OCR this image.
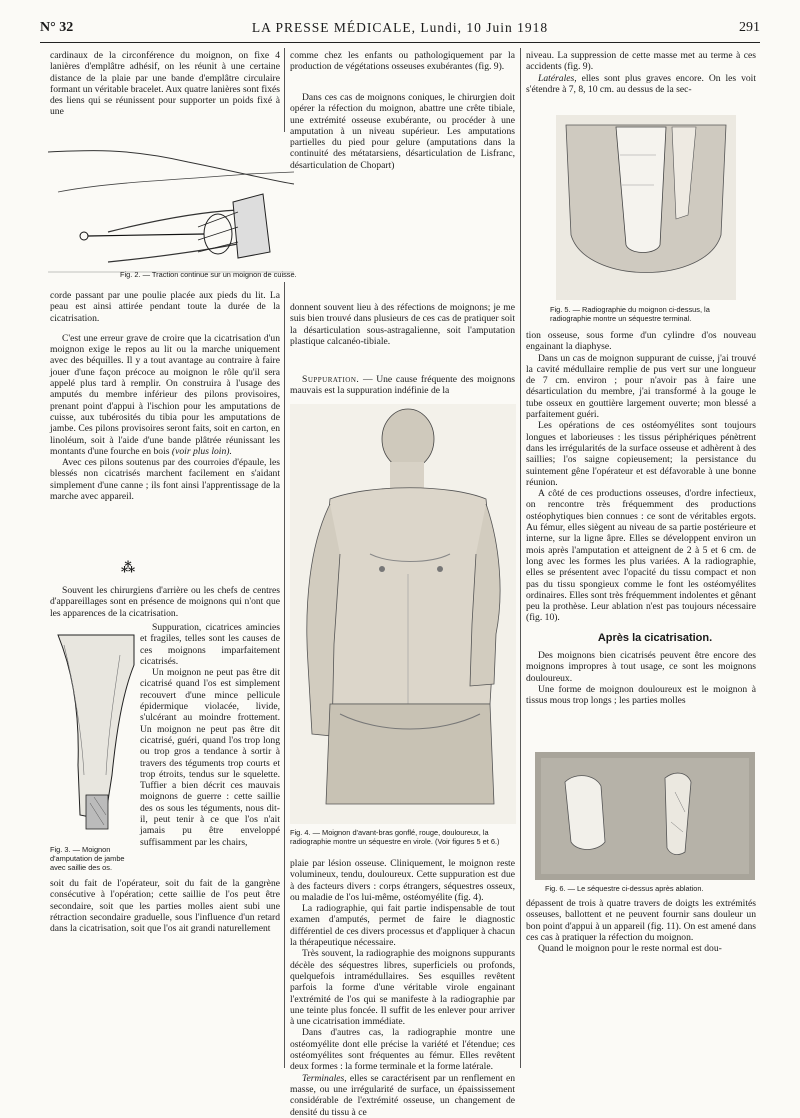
N° 32	LA PRESSE MÉDICALE, Lundi, 10 Juin 1918	291

cardinaux de la circonférence du moignon, on fixe 4 lanières d'emplâtre adhésif, on les réunit à une certaine distance de la plaie par une bande d'emplâtre circulaire formant un véritable bracelet. Aux quatre lanières sont fixés des liens qui se réunissent pour supporter un poids fixé à une

Fig. 2. — Traction continue sur un moignon de cuisse.

corde passant par une poulie placée aux pieds du lit. La peau est ainsi attirée pendant toute la durée de la cicatrisation.

C'est une erreur grave de croire que la cicatrisation d'un moignon exige le repos au lit ou la marche uniquement avec des béquilles. Il y a tout avantage au contraire à faire jouer d'une façon précoce au moignon le rôle qu'il sera appelé plus tard à remplir. On construira à l'usage des amputés du membre inférieur des pilons provisoires, prenant point d'appui à l'ischion pour les amputations de cuisse, aux tubérosités du tibia pour les amputations de jambe. Ces pilons provisoires seront faits, soit en carton, en linoléum, soit à l'aide d'une bande plâtrée réunissant les montants d'une fourche en bois (voir plus loin).

Avec ces pilons soutenus par des courroies d'épaule, les blessés non cicatrisés marchent facilement en s'aidant simplement d'une canne ; ils font ainsi l'apprentissage de la marche avec appareil.

⁂

Souvent les chirurgiens d'arrière ou les chefs de centres d'appareillages sont en présence de moignons qui n'ont que les apparences de la cicatrisation.

Fig. 3. — Moignon d'amputation de jambe avec saillie des os.

Suppuration, cicatrices amincies et fragiles, telles sont les causes de ces moignons imparfaitement cicatrisés.

Un moignon ne peut pas être dit cicatrisé quand l'os est simplement recouvert d'une mince pellicule épidermique violacée, livide, s'ulcérant au moindre frottement. Un moignon ne peut pas être dit cicatrisé, guéri, quand l'os trop long ou trop gros a tendance à sortir à travers des téguments trop courts et trop étroits, tendus sur le squelette. Tuffier a bien décrit ces mauvais moignons de guerre : cette saillie des os sous les téguments, nous dit-il, peut tenir à ce que l'os n'ait jamais pu être enveloppé suffisamment par les chairs,

soit du fait de l'opérateur, soit du fait de la gangrène consécutive à l'opération; cette saillie de l'os peut être secondaire, soit que les parties molles aient subi une rétraction secondaire graduelle, sous l'influence d'un retard dans la cicatrisation, soit que l'os ait grandi naturellement

comme chez les enfants ou pathologiquement par la production de végétations osseuses exubérantes (fig. 9).

Dans ces cas de moignons coniques, le chirurgien doit opérer la réfection du moignon, abattre une crête tibiale, une extrémité osseuse exubérante, ou procéder à une amputation à un niveau supérieur. Les amputations partielles du pied pour gelure (amputations dans la continuité des métatarsiens, désarticulation de Lisfranc, désarticulation de Chopart)

donnent souvent lieu à des réfections de moignons; je me suis bien trouvé dans plusieurs de ces cas de pratiquer soit la désarticulation sous-astragalienne, soit l'amputation plastique calcanéo-tibiale.

Suppuration. — Une cause fréquente des moignons mauvais est la suppuration indéfinie de la

Fig. 4. — Moignon d'avant-bras gonflé, rouge, douloureux, la radiographie montre un séquestre en virole. (Voir figures 5 et 6.)

plaie par lésion osseuse. Cliniquement, le moignon reste volumineux, tendu, douloureux. Cette suppuration est due à des facteurs divers : corps étrangers, séquestres osseux, ou maladie de l'os lui-même, ostéomyélite (fig. 4).

La radiographie, qui fait partie indispensable de tout examen d'amputés, permet de faire le diagnostic différentiel de ces divers processus et d'appliquer à chacun la thérapeutique nécessaire.

Très souvent, la radiographie des moignons suppurants décèle des séquestres libres, superficiels ou profonds, quelquefois intramédullaires. Ses esquilles revêtent parfois la forme d'une véritable virole engainant l'extrémité de l'os qui se manifeste à la radiographie par une teinte plus foncée. Il suffit de les enlever pour arriver à une cicatrisation immédiate.

Dans d'autres cas, la radiographie montre une ostéomyélite dont elle précise la variété et l'étendue; ces ostéomyélites sont fréquentes au fémur. Elles revêtent deux formes : la forme terminale et la forme latérale.

Terminales, elles se caractérisent par un renflement en masse, ou une irrégularité de surface, un épaississement considérable de l'extrémité osseuse, un changement de densité du tissu à ce

niveau. La suppression de cette masse met au terme à ces accidents (fig. 9).

Latérales, elles sont plus graves encore. On les voit s'étendre à 7, 8, 10 cm. au dessus de la sec-

Fig. 5. — Radiographie du moignon ci-dessus, la radiographie montre un séquestre terminal.

tion osseuse, sous forme d'un cylindre d'os nouveau engainant la diaphyse.

Dans un cas de moignon suppurant de cuisse, j'ai trouvé la cavité médullaire remplie de pus vert sur une longueur de 7 cm. environ ; pour n'avoir pas à faire une désarticulation du membre, j'ai transformé à la gouge le tube osseux en gouttière largement ouverte; mon blessé a parfaitement guéri.

Les opérations de ces ostéomyélites sont toujours longues et laborieuses : les tissus périphériques pénètrent dans les irrégularités de la surface osseuse et adhèrent à des saillies; l'os saigne copieusement; la persistance du suintement gêne l'opérateur et est défavorable à une bonne réunion.

A côté de ces productions osseuses, d'ordre infectieux, on rencontre très fréquemment des productions ostéophytiques bien connues : ce sont de véritables ergots. Au fémur, elles siègent au niveau de sa partie postérieure et interne, sur la ligne âpre. Elles se développent environ un mois après l'amputation et atteignent de 2 à 5 et 6 cm. de long avec les formes les plus variées. A la radiographie, elles se présentent avec l'opacité du tissu compact et non pas du tissu spongieux comme le font les ostéomyélites ordinaires. Elles sont très fréquemment indolentes et gênant peu la prothèse. Leur ablation n'est pas toujours nécessaire (fig. 10).

Après la cicatrisation.

Des moignons bien cicatrisés peuvent être encore des moignons impropres à tout usage, ce sont les moignons douloureux.

Une forme de moignon douloureux est le moignon à tissus mous trop longs ; les parties molles

Fig. 6. — Le séquestre ci-dessus après ablation.

dépassent de trois à quatre travers de doigts les extrémités osseuses, ballottent et ne peuvent fournir sans douleur un bon point d'appui à un appareil (fig. 11). On est amené dans ces cas à pratiquer la réfection du moignon.

Quand le moignon pour le reste normal est dou-
